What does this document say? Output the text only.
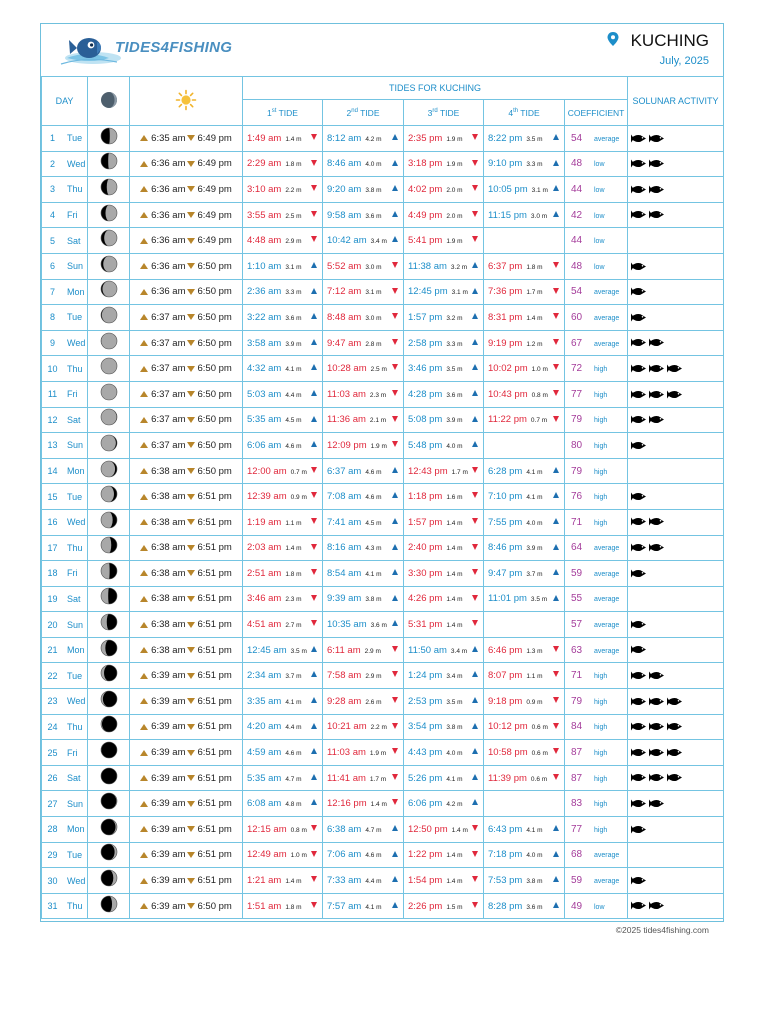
TIDES4FISHING	KUCHING
July, 2025
DAY			TIDES FOR KUCHING					SOLUNAR ACTIVITY
			1st TIDE	2nd TIDE	3rd TIDE	4th TIDE	COEFFICIENT	
1 Tue		6:35 am 6:49 pm	1:49 am 1.4 m	8:12 am 4.2 m	2:35 pm 1.9 m	8:22 pm 3.5 m	54 average	
2 Wed		6:36 am 6:49 pm	2:29 am 1.8 m	8:46 am 4.0 m	3:18 pm 1.9 m	9:10 pm 3.3 m	48 low	
3 Thu		6:36 am 6:49 pm	3:10 am 2.2 m	9:20 am 3.8 m	4:02 pm 2.0 m	10:05 pm 3.1 m	44 low	
4 Fri		6:36 am 6:49 pm	3:55 am 2.5 m	9:58 am 3.6 m	4:49 pm 2.0 m	11:15 pm 3.0 m	42 low	
5 Sat		6:36 am 6:49 pm	4:48 am 2.9 m	10:42 am 3.4 m	5:41 pm 1.9 m		44 low	
6 Sun		6:36 am 6:50 pm	1:10 am 3.1 m	5:52 am 3.0 m	11:38 am 3.2 m	6:37 pm 1.8 m	48 low	
7 Mon		6:36 am 6:50 pm	2:36 am 3.3 m	7:12 am 3.1 m	12:45 pm 3.1 m	7:36 pm 1.7 m	54 average	
8 Tue		6:37 am 6:50 pm	3:22 am 3.6 m	8:48 am 3.0 m	1:57 pm 3.2 m	8:31 pm 1.4 m	60 average	
9 Wed		6:37 am 6:50 pm	3:58 am 3.9 m	9:47 am 2.8 m	2:58 pm 3.3 m	9:19 pm 1.2 m	67 average	
10 Thu		6:37 am 6:50 pm	4:32 am 4.1 m	10:28 am 2.5 m	3:46 pm 3.5 m	10:02 pm 1.0 m	72 high	
11 Fri		6:37 am 6:50 pm	5:03 am 4.4 m	11:03 am 2.3 m	4:28 pm 3.6 m	10:43 pm 0.8 m	77 high	
12 Sat		6:37 am 6:50 pm	5:35 am 4.5 m	11:36 am 2.1 m	5:08 pm 3.9 m	11:22 pm 0.7 m	79 high	
13 Sun		6:37 am 6:50 pm	6:06 am 4.6 m	12:09 pm 1.9 m	5:48 pm 4.0 m		80 high	
14 Mon		6:38 am 6:50 pm	12:00 am 0.7 m	6:37 am 4.6 m	12:43 pm 1.7 m	6:28 pm 4.1 m	79 high	
15 Tue		6:38 am 6:51 pm	12:39 am 0.9 m	7:08 am 4.6 m	1:18 pm 1.6 m	7:10 pm 4.1 m	76 high	
16 Wed		6:38 am 6:51 pm	1:19 am 1.1 m	7:41 am 4.5 m	1:57 pm 1.4 m	7:55 pm 4.0 m	71 high	
17 Thu		6:38 am 6:51 pm	2:03 am 1.4 m	8:16 am 4.3 m	2:40 pm 1.4 m	8:46 pm 3.9 m	64 average	
18 Fri		6:38 am 6:51 pm	2:51 am 1.8 m	8:54 am 4.1 m	3:30 pm 1.4 m	9:47 pm 3.7 m	59 average	
19 Sat		6:38 am 6:51 pm	3:46 am 2.3 m	9:39 am 3.8 m	4:26 pm 1.4 m	11:01 pm 3.5 m	55 average	
20 Sun		6:38 am 6:51 pm	4:51 am 2.7 m	10:35 am 3.6 m	5:31 pm 1.4 m		57 average	
21 Mon		6:38 am 6:51 pm	12:45 am 3.5 m	6:11 am 2.9 m	11:50 am 3.4 m	6:46 pm 1.3 m	63 average	
22 Tue		6:39 am 6:51 pm	2:34 am 3.7 m	7:58 am 2.9 m	1:24 pm 3.4 m	8:07 pm 1.1 m	71 high	
23 Wed		6:39 am 6:51 pm	3:35 am 4.1 m	9:28 am 2.6 m	2:53 pm 3.5 m	9:18 pm 0.9 m	79 high	
24 Thu		6:39 am 6:51 pm	4:20 am 4.4 m	10:21 am 2.2 m	3:54 pm 3.8 m	10:12 pm 0.6 m	84 high	
25 Fri		6:39 am 6:51 pm	4:59 am 4.6 m	11:03 am 1.9 m	4:43 pm 4.0 m	10:58 pm 0.6 m	87 high	
26 Sat		6:39 am 6:51 pm	5:35 am 4.7 m	11:41 am 1.7 m	5:26 pm 4.1 m	11:39 pm 0.6 m	87 high	
27 Sun		6:39 am 6:51 pm	6:08 am 4.8 m	12:16 pm 1.4 m	6:06 pm 4.2 m		83 high	
28 Mon		6:39 am 6:51 pm	12:15 am 0.8 m	6:38 am 4.7 m	12:50 pm 1.4 m	6:43 pm 4.1 m	77 high	
29 Tue		6:39 am 6:51 pm	12:49 am 1.0 m	7:06 am 4.6 m	1:22 pm 1.4 m	7:18 pm 4.0 m	68 average	
30 Wed		6:39 am 6:51 pm	1:21 am 1.4 m	7:33 am 4.4 m	1:54 pm 1.4 m	7:53 pm 3.8 m	59 average	
31 Thu		6:39 am 6:50 pm	1:51 am 1.8 m	7:57 am 4.1 m	2:26 pm 1.5 m	8:28 pm 3.6 m	49 low	
©2025 tides4fishing.com
